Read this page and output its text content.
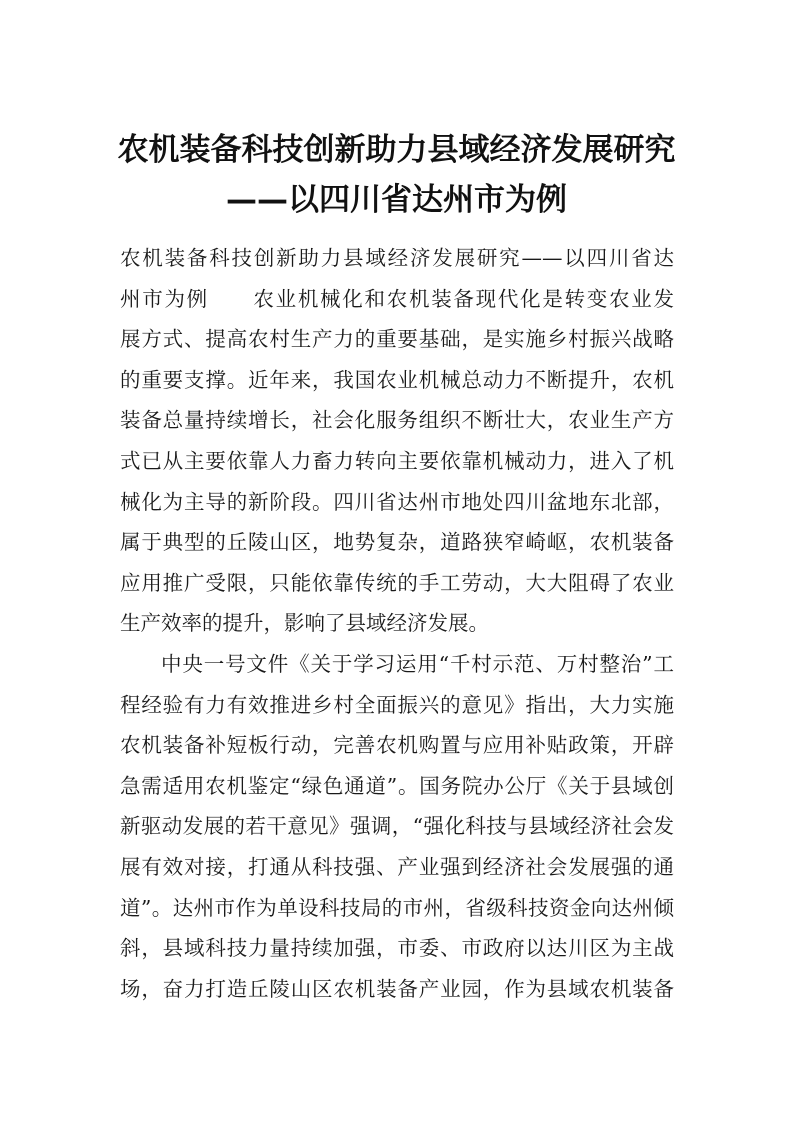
农机装备科技创新助力县域经济发展研究
——以四川省达州市为例
农机装备科技创新助力县域经济发展研究——以四川省达
州市为例　　农业机械化和农机装备现代化是转变农业发
展方式、提高农村生产力的重要基础，是实施乡村振兴战略
的重要支撑。近年来，我国农业机械总动力不断提升，农机
装备总量持续增长，社会化服务组织不断壮大，农业生产方
式已从主要依靠人力畜力转向主要依靠机械动力，进入了机
械化为主导的新阶段。四川省达州市地处四川盆地东北部，
属于典型的丘陵山区，地势复杂，道路狭窄崎岖，农机装备
应用推广受限，只能依靠传统的手工劳动，大大阻碍了农业
生产效率的提升，影响了县域经济发展。
中央一号文件《关于学习运用“千村示范、万村整治”工
程经验有力有效推进乡村全面振兴的意见》指出，大力实施
农机装备补短板行动，完善农机购置与应用补贴政策，开辟
急需适用农机鉴定“绿色通道”。国务院办公厅《关于县域创
新驱动发展的若干意见》强调，“强化科技与县域经济社会发
展有效对接，打通从科技强、产业强到经济社会发展强的通
道”。达州市作为单设科技局的市州，省级科技资金向达州倾
斜，县域科技力量持续加强，市委、市政府以达川区为主战
场，奋力打造丘陵山区农机装备产业园，作为县域农机装备
